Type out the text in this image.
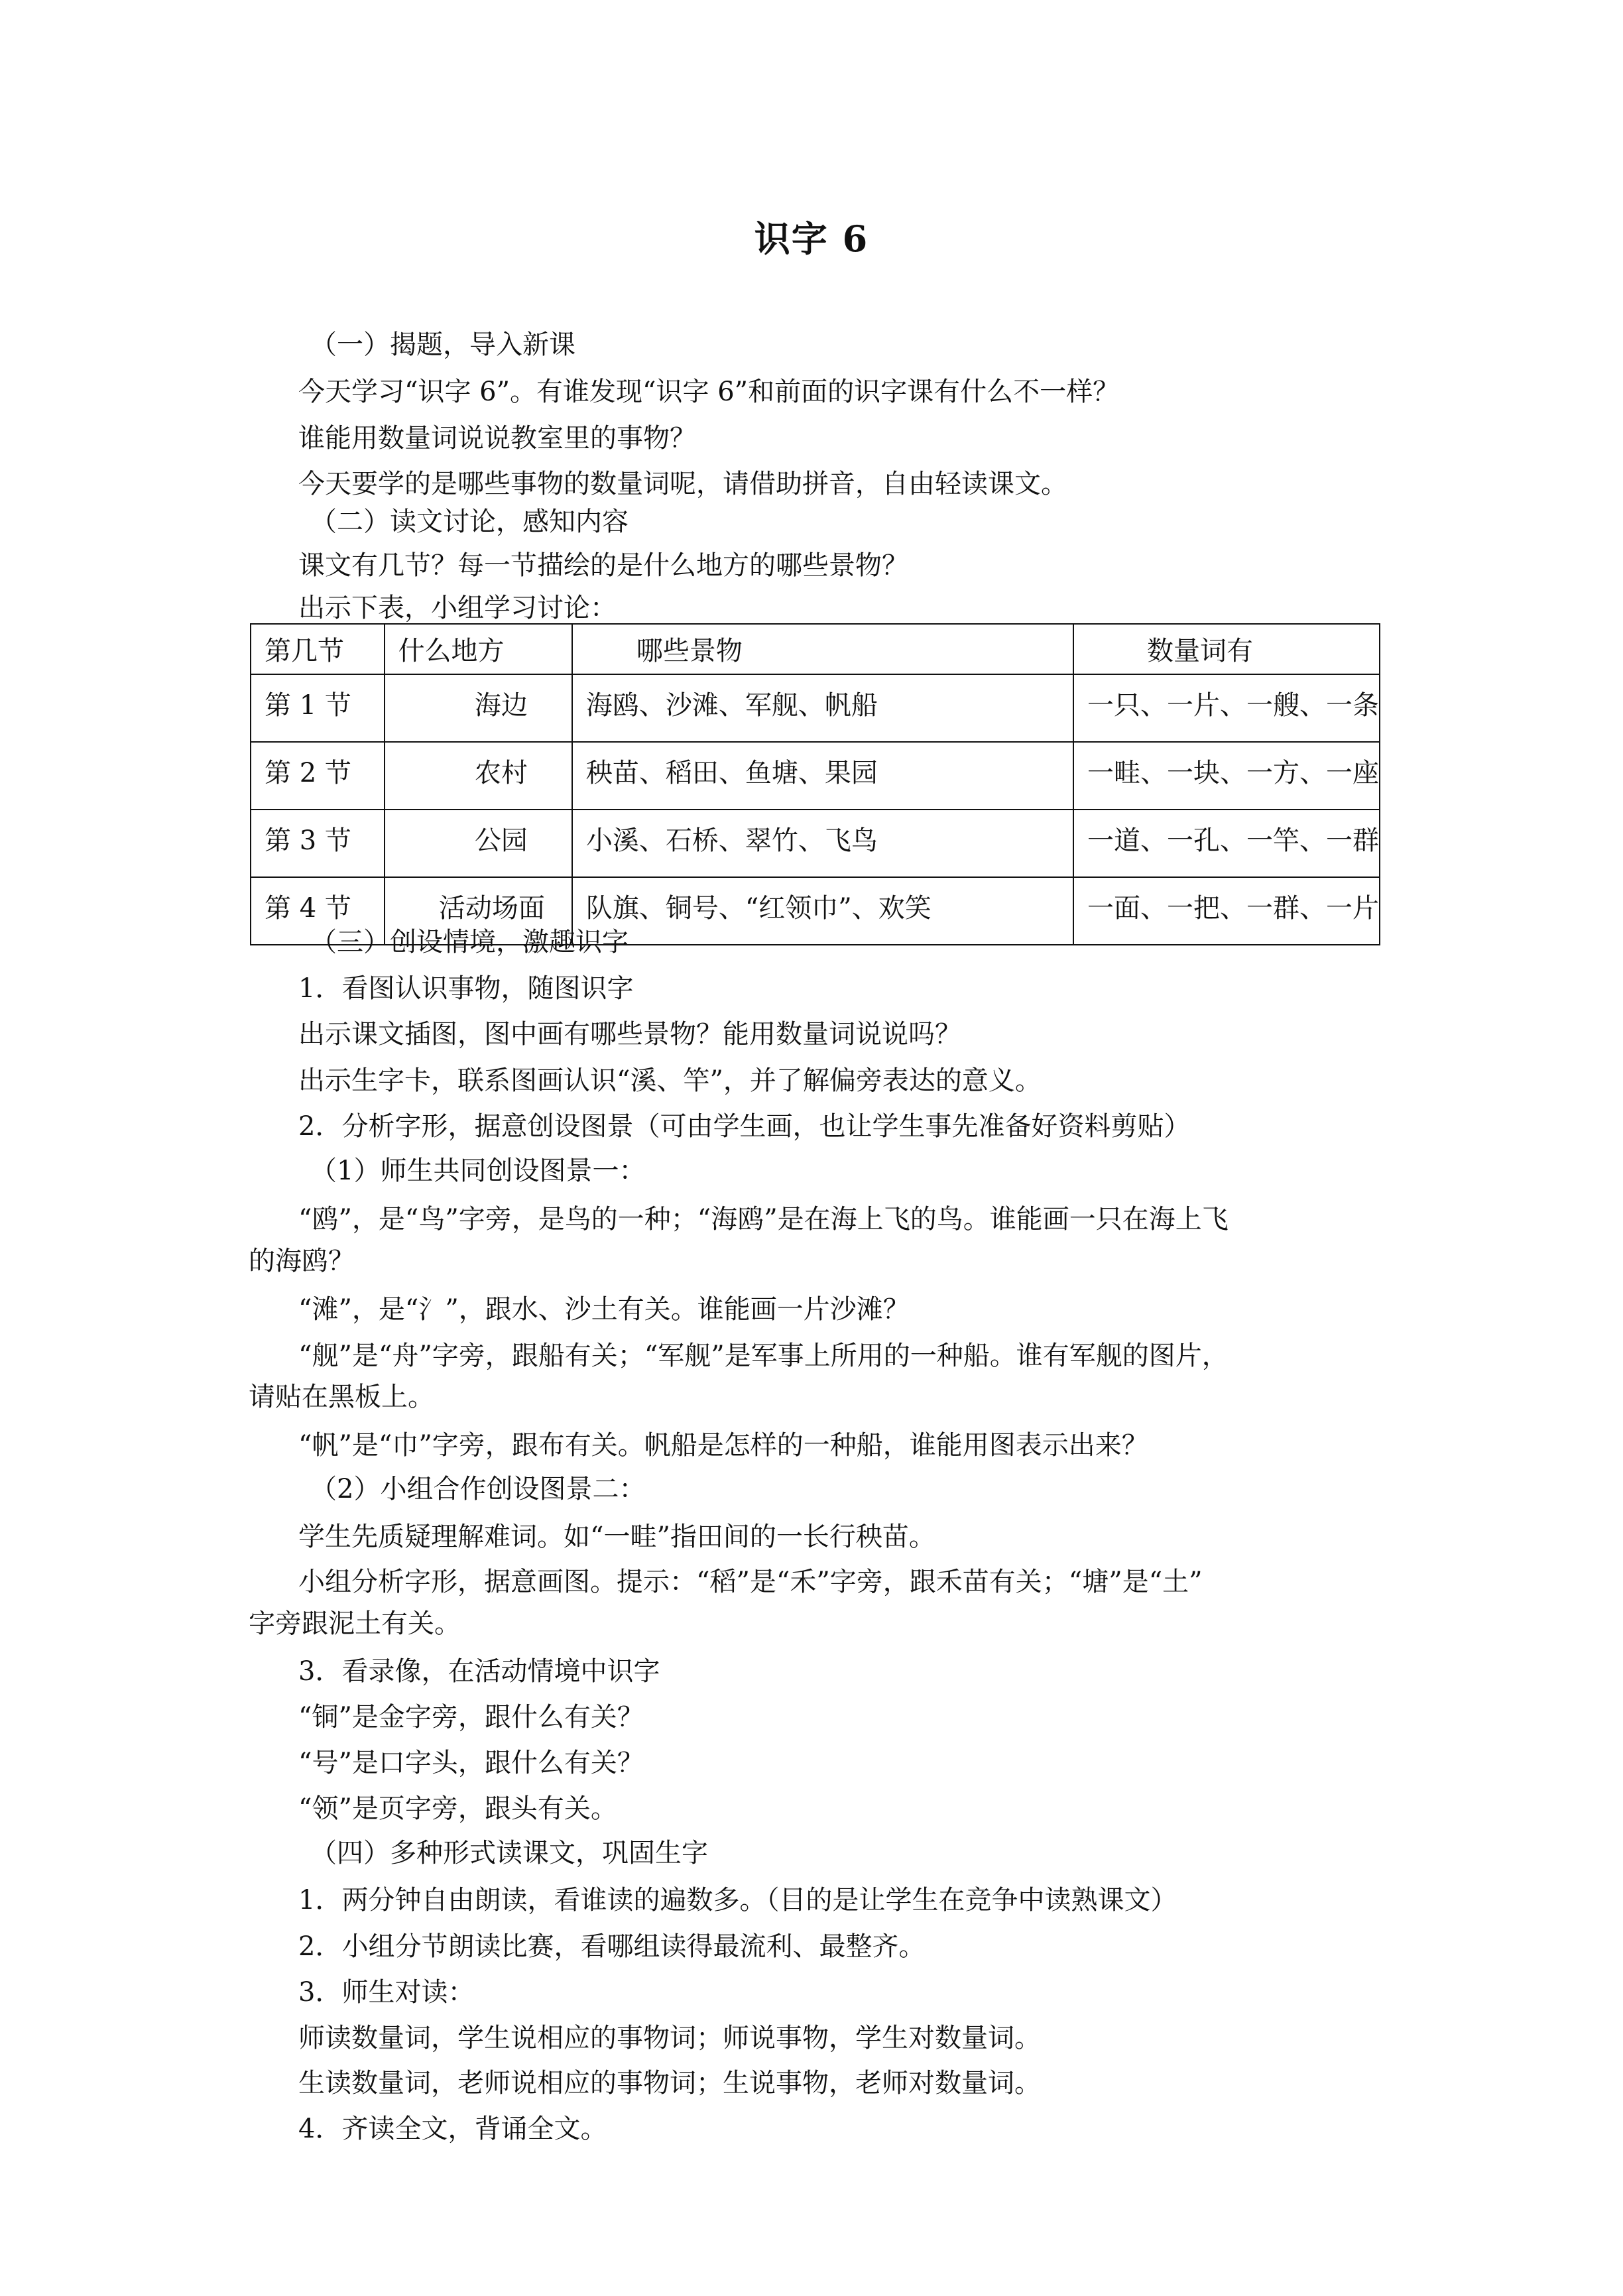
识字 6
（一）揭题，导入新课
今天学习“识字 6”。有谁发现“识字 6”和前面的识字课有什么不一样？
谁能用数量词说说教室里的事物？
今天要学的是哪些事物的数量词呢，请借助拼音，自由轻读课文。
（二）读文讨论，感知内容
课文有几节？每一节描绘的是什么地方的哪些景物？
出示下表，小组学习讨论：
第几节	什么地方	哪些景物	数量词有
第 1 节	海边	海鸥、沙滩、军舰、帆船	一只、一片、一艘、一条
第 2 节	农村	秧苗、稻田、鱼塘、果园	一畦、一块、一方、一座
第 3 节	公园	小溪、石桥、翠竹、飞鸟	一道、一孔、一竿、一群
第 4 节	活动场面	队旗、铜号、“红领巾”、欢笑	一面、一把、一群、一片
（三）创设情境，激趣识字
1．看图认识事物，随图识字
出示课文插图，图中画有哪些景物？能用数量词说说吗？
出示生字卡，联系图画认识“溪、竿”，并了解偏旁表达的意义。
2．分析字形，据意创设图景（可由学生画，也让学生事先准备好资料剪贴）
（1）师生共同创设图景一：
“鸥”，是“鸟”字旁，是鸟的一种；“海鸥”是在海上飞的鸟。谁能画一只在海上飞
的海鸥？
“滩”，是“氵”，跟水、沙土有关。谁能画一片沙滩？
“舰”是“舟”字旁，跟船有关；“军舰”是军事上所用的一种船。谁有军舰的图片，
请贴在黑板上。
“帆”是“巾”字旁，跟布有关。帆船是怎样的一种船，谁能用图表示出来？
（2）小组合作创设图景二：
学生先质疑理解难词。如“一畦”指田间的一长行秧苗。
小组分析字形，据意画图。提示：“稻”是“禾”字旁，跟禾苗有关；“塘”是“土”
字旁跟泥土有关。
3．看录像，在活动情境中识字
“铜”是金字旁，跟什么有关？
“号”是口字头，跟什么有关？
“领”是页字旁，跟头有关。
（四）多种形式读课文，巩固生字
1．两分钟自由朗读，看谁读的遍数多。（目的是让学生在竞争中读熟课文）
2．小组分节朗读比赛，看哪组读得最流利、最整齐。
3．师生对读：
师读数量词，学生说相应的事物词；师说事物，学生对数量词。
生读数量词，老师说相应的事物词；生说事物，老师对数量词。
4．齐读全文，背诵全文。
